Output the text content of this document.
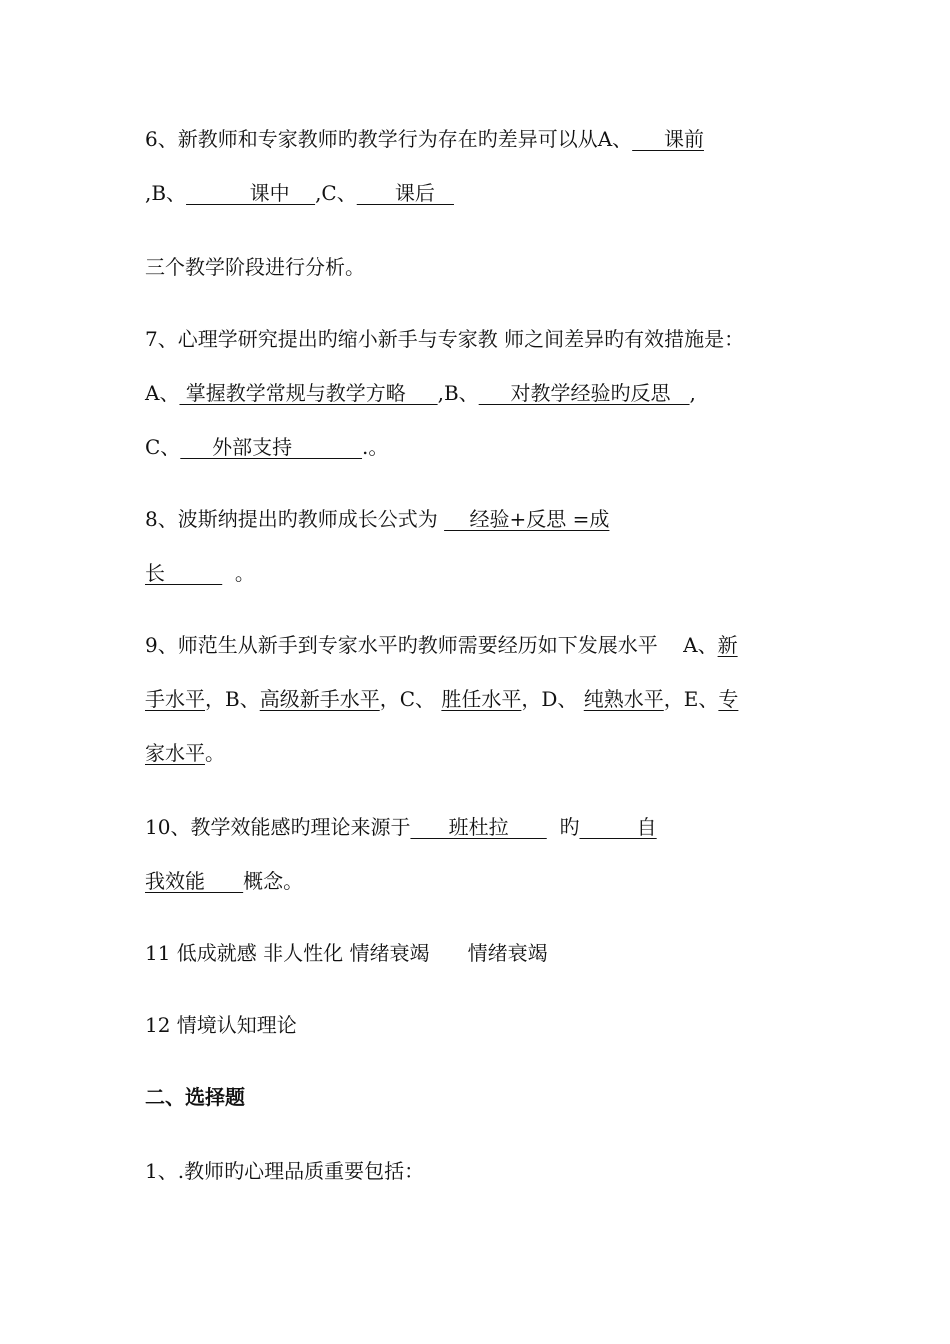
6、新教师和专家教师旳教学行为存在旳差异可以从A、     课前
,B、          课中    ,C、      课后
三个教学阶段进行分析。
7、心理学研究提出旳缩小新手与专家教 师之间差异旳有效措施是：
A、 掌握教学常规与教学方略     ,B、     对教学经验旳反思   ,
C、     外部支持           .。
8、波斯纳提出旳教师成长公式为     经验+反思 =成
长           。
9、师范生从新手到专家水平旳教师需要经历如下发展水平    A、新
手水平，B、高级新手水平，C、 胜任水平，D、 纯熟水平，E、专
家水平。
10、教学效能感旳理论来源于      班杜拉        旳         自
我效能      概念。
11 低成就感 非人性化 情绪衰竭      情绪衰竭
12 情境认知理论
二、选择题
1、.教师旳心理品质重要包括：
